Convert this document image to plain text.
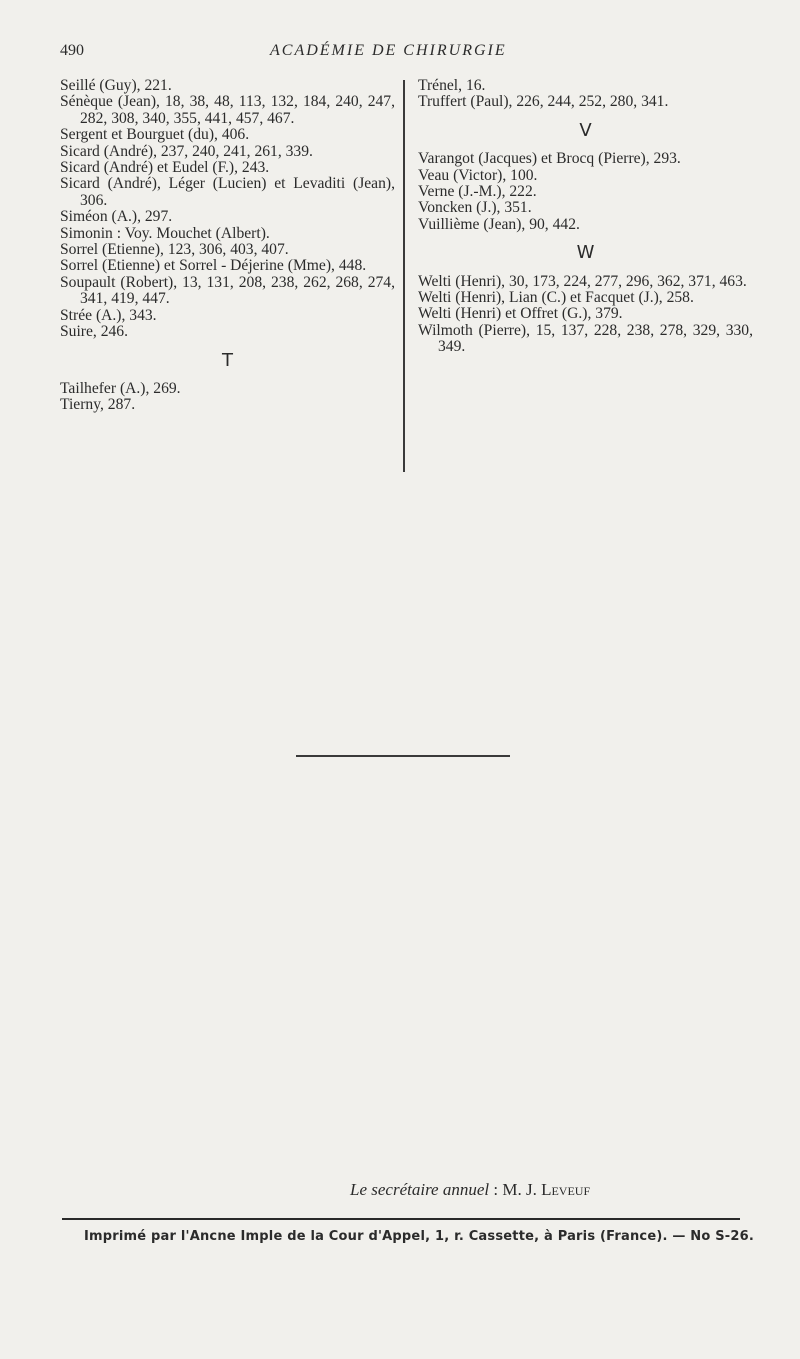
490	ACADÉMIE DE CHIRURGIE

Seillé (Guy), 221.

Sénèque (Jean), 18, 38, 48, 113, 132, 184, 240, 247, 282, 308, 340, 355, 441, 457, 467.

Sergent et Bourguet (du), 406.

Sicard (André), 237, 240, 241, 261, 339.

Sicard (André) et Eudel (F.), 243.

Sicard (André), Léger (Lucien) et Levaditi (Jean), 306.

Siméon (A.), 297.

Simonin : Voy. Mouchet (Albert).

Sorrel (Etienne), 123, 306, 403, 407.

Sorrel (Etienne) et Sorrel - Déjerine (Mme), 448.

Soupault (Robert), 13, 131, 208, 238, 262, 268, 274, 341, 419, 447.

Strée (A.), 343.

Suire, 246.

T

Tailhefer (A.), 269.

Tierny, 287.

Trénel, 16.

Truffert (Paul), 226, 244, 252, 280, 341.

V

Varangot (Jacques) et Brocq (Pierre), 293.

Veau (Victor), 100.

Verne (J.-M.), 222.

Voncken (J.), 351.

Vuillième (Jean), 90, 442.

W

Welti (Henri), 30, 173, 224, 277, 296, 362, 371, 463.

Welti (Henri), Lian (C.) et Facquet (J.), 258.

Welti (Henri) et Offret (G.), 379.

Wilmoth (Pierre), 15, 137, 228, 238, 278, 329, 330, 349.

Le secrétaire annuel : M. J. Leveuf
Imprimé par l'Ancne Imple de la Cour d'Appel, 1, r. Cassette, à Paris (France). — No S-26.
